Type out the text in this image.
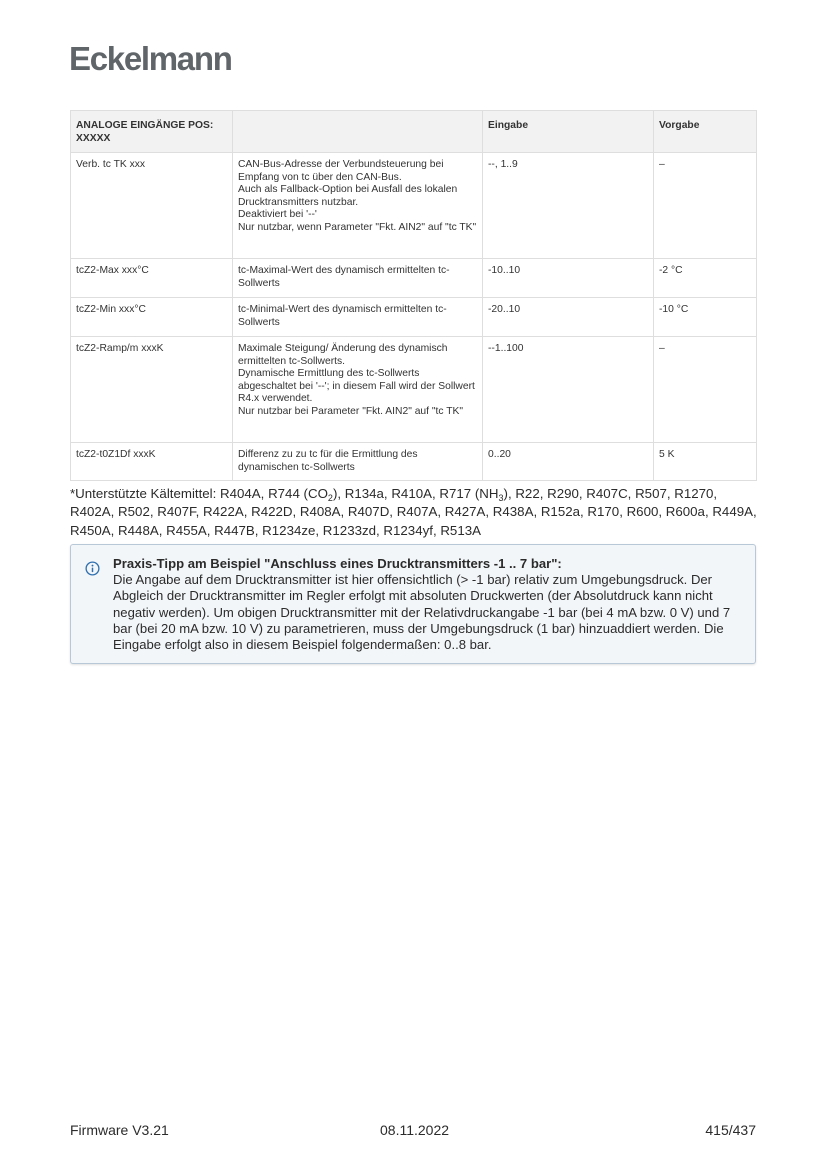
Eckelmann
ANALOGE EINGÄNGE POS: XXXXX		Eingabe	Vorgabe
Verb. tc TK xxx	CAN-Bus-Adresse der Verbundsteuerung bei Empfang von tc über den CAN-Bus.
Auch als Fallback-Option bei Ausfall des lokalen Drucktransmitters nutzbar.
Deaktiviert bei '--'
Nur nutzbar, wenn Parameter "Fkt. AIN2" auf "tc TK"	--, 1..9	–
tcZ2-Max xxx°C	tc-Maximal-Wert des dynamisch ermittelten tc-Sollwerts	-10..10	-2 °C
tcZ2-Min xxx°C	tc-Minimal-Wert des dynamisch ermittelten tc-Sollwerts	-20..10	-10 °C
tcZ2-Ramp/m xxxK	Maximale Steigung/ Änderung des dynamisch ermittelten tc-Sollwerts.
Dynamische Ermittlung des tc-Sollwerts abgeschaltet bei '--'; in diesem Fall wird der Sollwert R4.x verwendet.
Nur nutzbar bei Parameter "Fkt. AIN2" auf "tc TK"	--1..100	–
tcZ2-t0Z1Df xxxK	Differenz zu zu tc für die Ermittlung des dynamischen tc-Sollwerts	0..20	5 K
*Unterstützte Kältemittel: R404A, R744 $(CO_2)$, R134a, R410A, R717 $(NH_3)$, R22, R290, R407C, R507, R1270, R402A, R502, R407F, R422A, R422D, R408A, R407D, R407A, R427A, R438A, R152a, R170, R600, R600a, R449A, R450A, R448A, R455A, R447B, R1234ze, R1233zd, R1234yf, R513A
Praxis-Tipp am Beispiel "Anschluss eines Drucktransmitters -1 .. 7 bar":
Die Angabe auf dem Drucktransmitter ist hier offensichtlich (> -1 bar) relativ zum Umgebungsdruck. Der Abgleich der Drucktransmitter im Regler erfolgt mit absoluten Druckwerten (der Absolutdruck kann nicht negativ werden). Um obigen Drucktransmitter mit der Relativdruckangabe -1 bar (bei 4 mA bzw. 0 V) und 7 bar (bei 20 mA bzw. 10 V) zu parametrieren, muss der Umgebungsdruck (1 bar) hinzuaddiert werden. Die Eingabe erfolgt also in diesem Beispiel folgendermaßen: 0..8 bar.
Firmware V3.21	08.11.2022	415/437
